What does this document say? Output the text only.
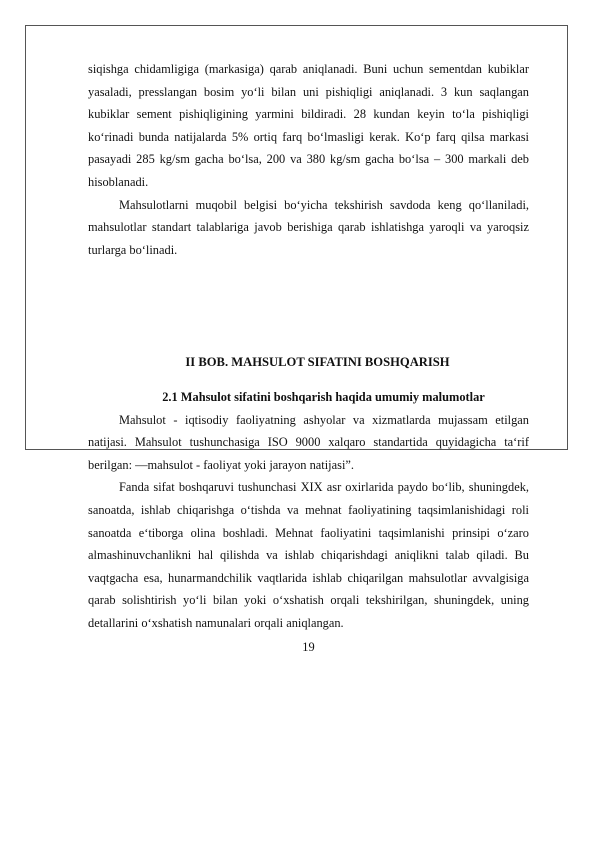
siqishga chidamligiga (markasiga) qarab aniqlanadi. Buni uchun sementdan kubiklar yasaladi, presslangan bosim yo‘li bilan uni pishiqligi aniqlanadi. 3 kun saqlangan kubiklar sement pishiqligining yarmini bildiradi. 28 kundan keyin to‘la pishiqligi ko‘rinadi bunda natijalarda 5% ortiq farq bo‘lmasligi kerak. Ko‘p farq qilsa markasi pasayadi 285 kg/sm gacha bo‘lsa, 200 va 380 kg/sm gacha bo‘lsa – 300 markali deb hisoblanadi.

Mahsulotlarni muqobil belgisi bo‘yicha tekshirish savdoda keng qo‘llaniladi, mahsulotlar standart talablariga javob berishiga qarab ishlatishga yaroqli va yaroqsiz turlarga bo‘linadi.

II BOB. MAHSULOT SIFATINI BOSHQARISH

2.1 Mahsulot sifatini boshqarish haqida umumiy malumotlar

Mahsulot - iqtisodiy faoliyatning ashyolar va xizmatlarda mujassam etilgan natijasi. Mahsulot tushunchasiga ISO 9000 xalqaro standartida quyidagicha ta‘rif berilgan: —mahsulot - faoliyat yoki jarayon natijasi”.

Fanda sifat boshqaruvi tushunchasi XIX asr oxirlarida paydo bo‘lib, shuningdek, sanoatda, ishlab chiqarishga o‘tishda va mehnat faoliyatining taqsimlanishidagi roli sanoatda e‘tiborga olina boshladi. Mehnat faoliyatini taqsimlanishi prinsipi o‘zaro almashinuvchanlikni hal qilishda va ishlab chiqarishdagi aniqlikni talab qiladi. Bu vaqtgacha esa, hunarmandchilik vaqtlarida ishlab chiqarilgan mahsulotlar avvalgisiga qarab solishtirish yo‘li bilan yoki o‘xshatish orqali tekshirilgan, shuningdek, uning detallarini o‘xshatish namunalari orqali aniqlangan.

19
